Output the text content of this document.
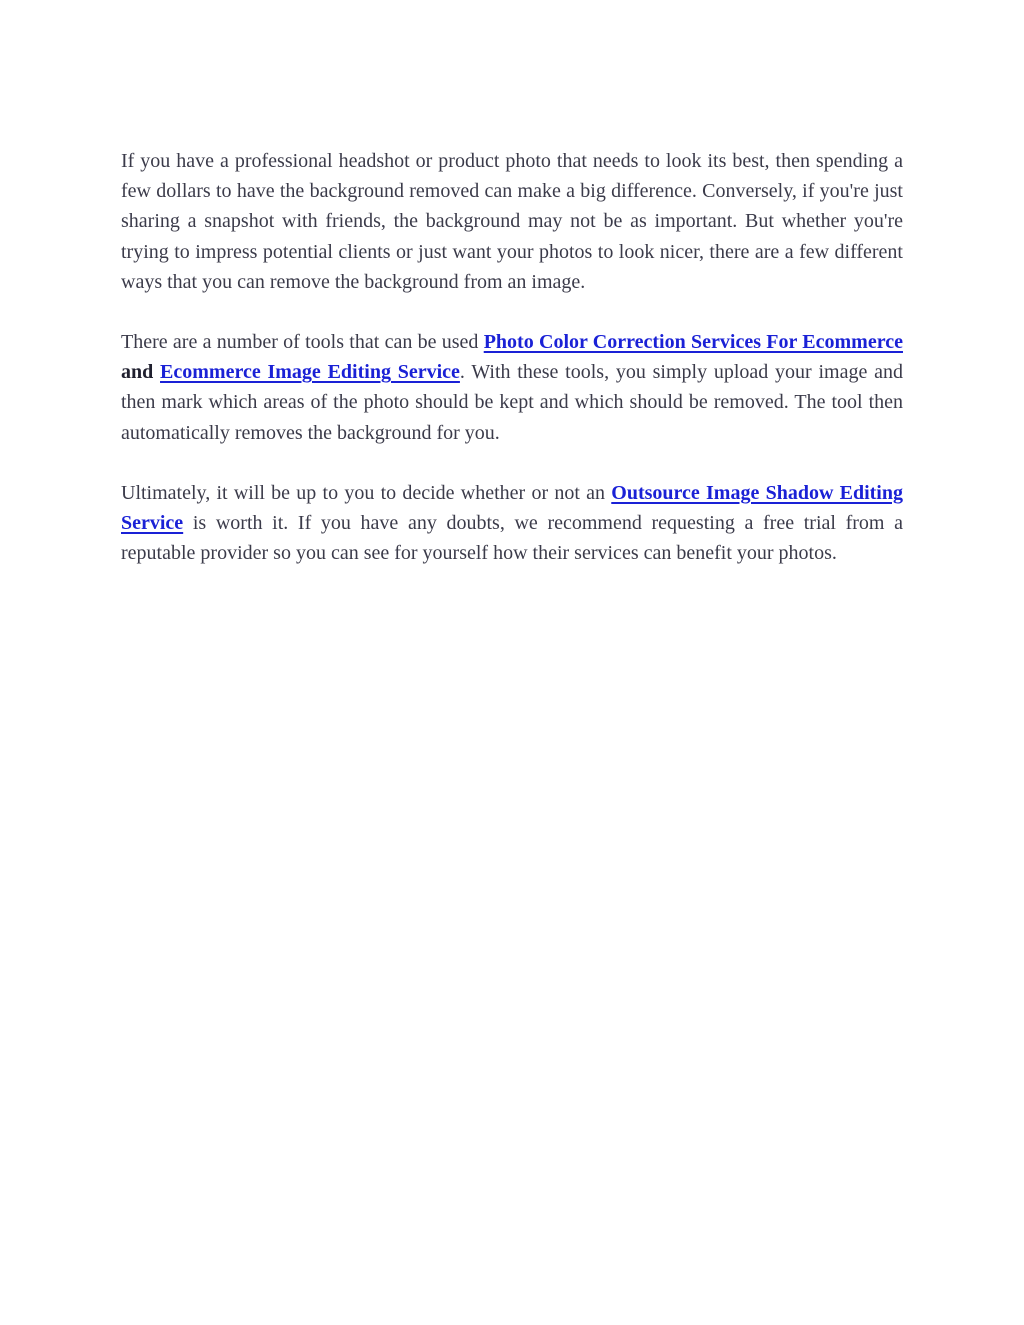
If you have a professional headshot or product photo that needs to look its best, then spending a few dollars to have the background removed can make a big difference. Conversely, if you're just sharing a snapshot with friends, the background may not be as important. But whether you're trying to impress potential clients or just want your photos to look nicer, there are a few different ways that you can remove the background from an image.

There are a number of tools that can be used Photo Color Correction Services For Ecommerce and Ecommerce Image Editing Service. With these tools, you simply upload your image and then mark which areas of the photo should be kept and which should be removed. The tool then automatically removes the background for you.

Ultimately, it will be up to you to decide whether or not an Outsource Image Shadow Editing Service is worth it. If you have any doubts, we recommend requesting a free trial from a reputable provider so you can see for yourself how their services can benefit your photos.
